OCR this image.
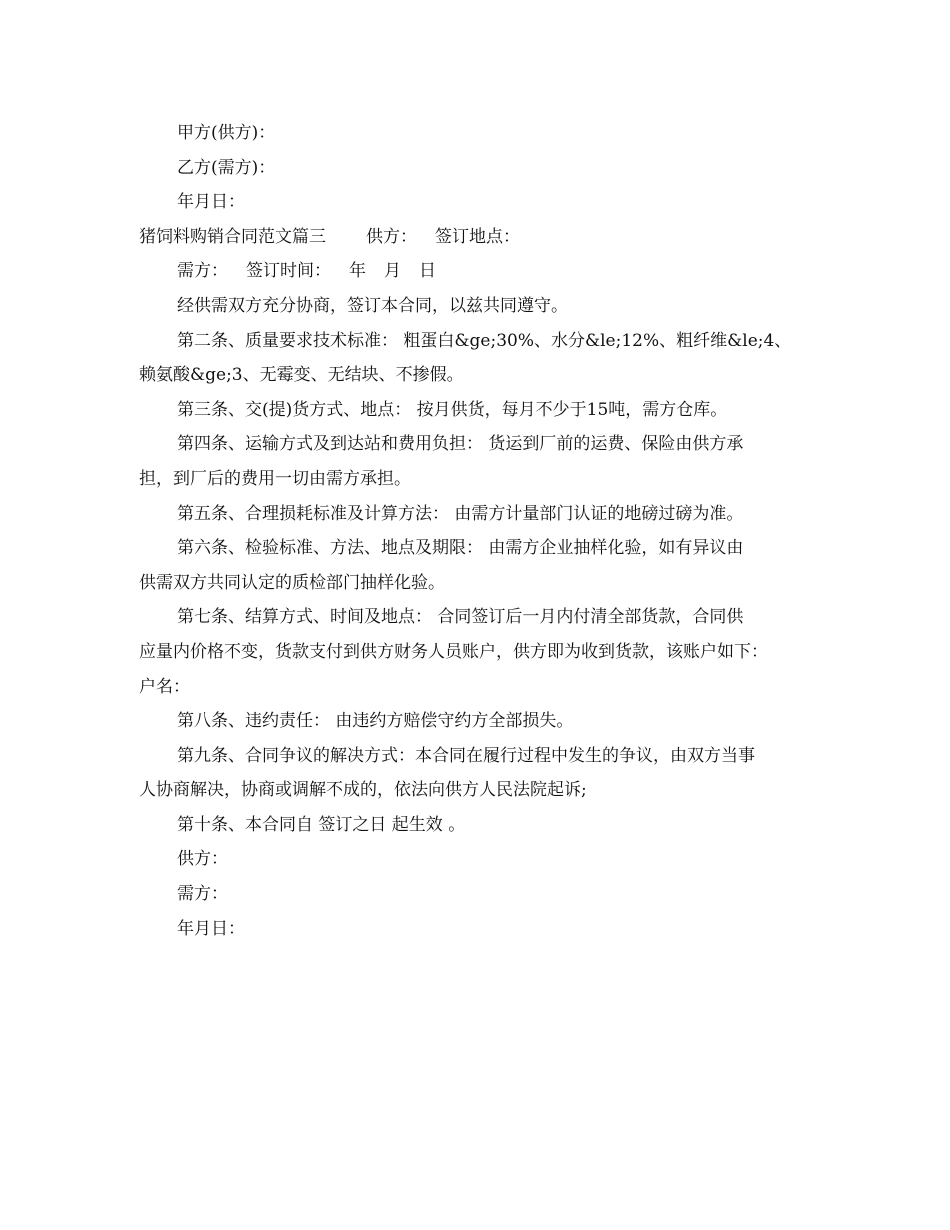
甲方(供方)：
乙方(需方)：
年月日：
猪饲料购销合同范文篇三 供方： 签订地点：
需方： 签订时间： 年 月 日
经供需双方充分协商，签订本合同，以兹共同遵守。
第二条、质量要求技术标准： 粗蛋白&ge;30%、水分&le;12%、粗纤维&le;4、
赖氨酸&ge;3、无霉变、无结块、不掺假。
第三条、交(提)货方式、地点： 按月供货，每月不少于15吨，需方仓库。
第四条、运输方式及到达站和费用负担： 货运到厂前的运费、保险由供方承
担，到厂后的费用一切由需方承担。
第五条、合理损耗标准及计算方法： 由需方计量部门认证的地磅过磅为准。
第六条、检验标准、方法、地点及期限： 由需方企业抽样化验，如有异议由
供需双方共同认定的质检部门抽样化验。
第七条、结算方式、时间及地点： 合同签订后一月内付清全部货款，合同供
应量内价格不变，货款支付到供方财务人员账户，供方即为收到货款，该账户如下：
户名：
第八条、违约责任： 由违约方赔偿守约方全部损失。
第九条、合同争议的解决方式：本合同在履行过程中发生的争议，由双方当事
人协商解决，协商或调解不成的，依法向供方人民法院起诉;
第十条、本合同自 签订之日 起生效 。
供方：
需方：
年月日：
